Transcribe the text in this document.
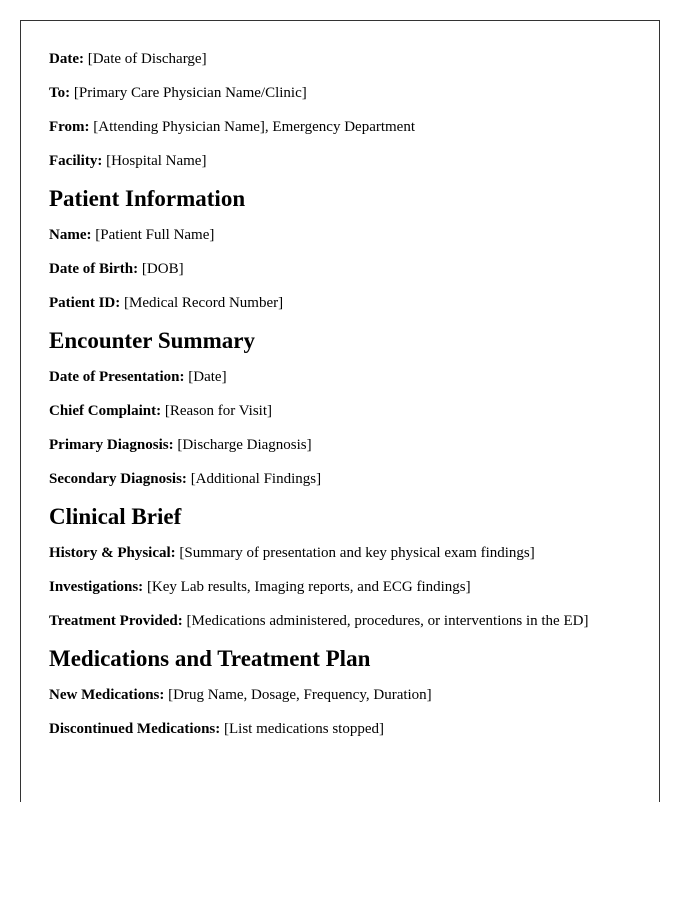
Date: [Date of Discharge]
To: [Primary Care Physician Name/Clinic]
From: [Attending Physician Name], Emergency Department
Facility: [Hospital Name]
Patient Information
Name: [Patient Full Name]
Date of Birth: [DOB]
Patient ID: [Medical Record Number]
Encounter Summary
Date of Presentation: [Date]
Chief Complaint: [Reason for Visit]
Primary Diagnosis: [Discharge Diagnosis]
Secondary Diagnosis: [Additional Findings]
Clinical Brief
History & Physical: [Summary of presentation and key physical exam findings]
Investigations: [Key Lab results, Imaging reports, and ECG findings]
Treatment Provided: [Medications administered, procedures, or interventions in the ED]
Medications and Treatment Plan
New Medications: [Drug Name, Dosage, Frequency, Duration]
Discontinued Medications: [List medications stopped]
